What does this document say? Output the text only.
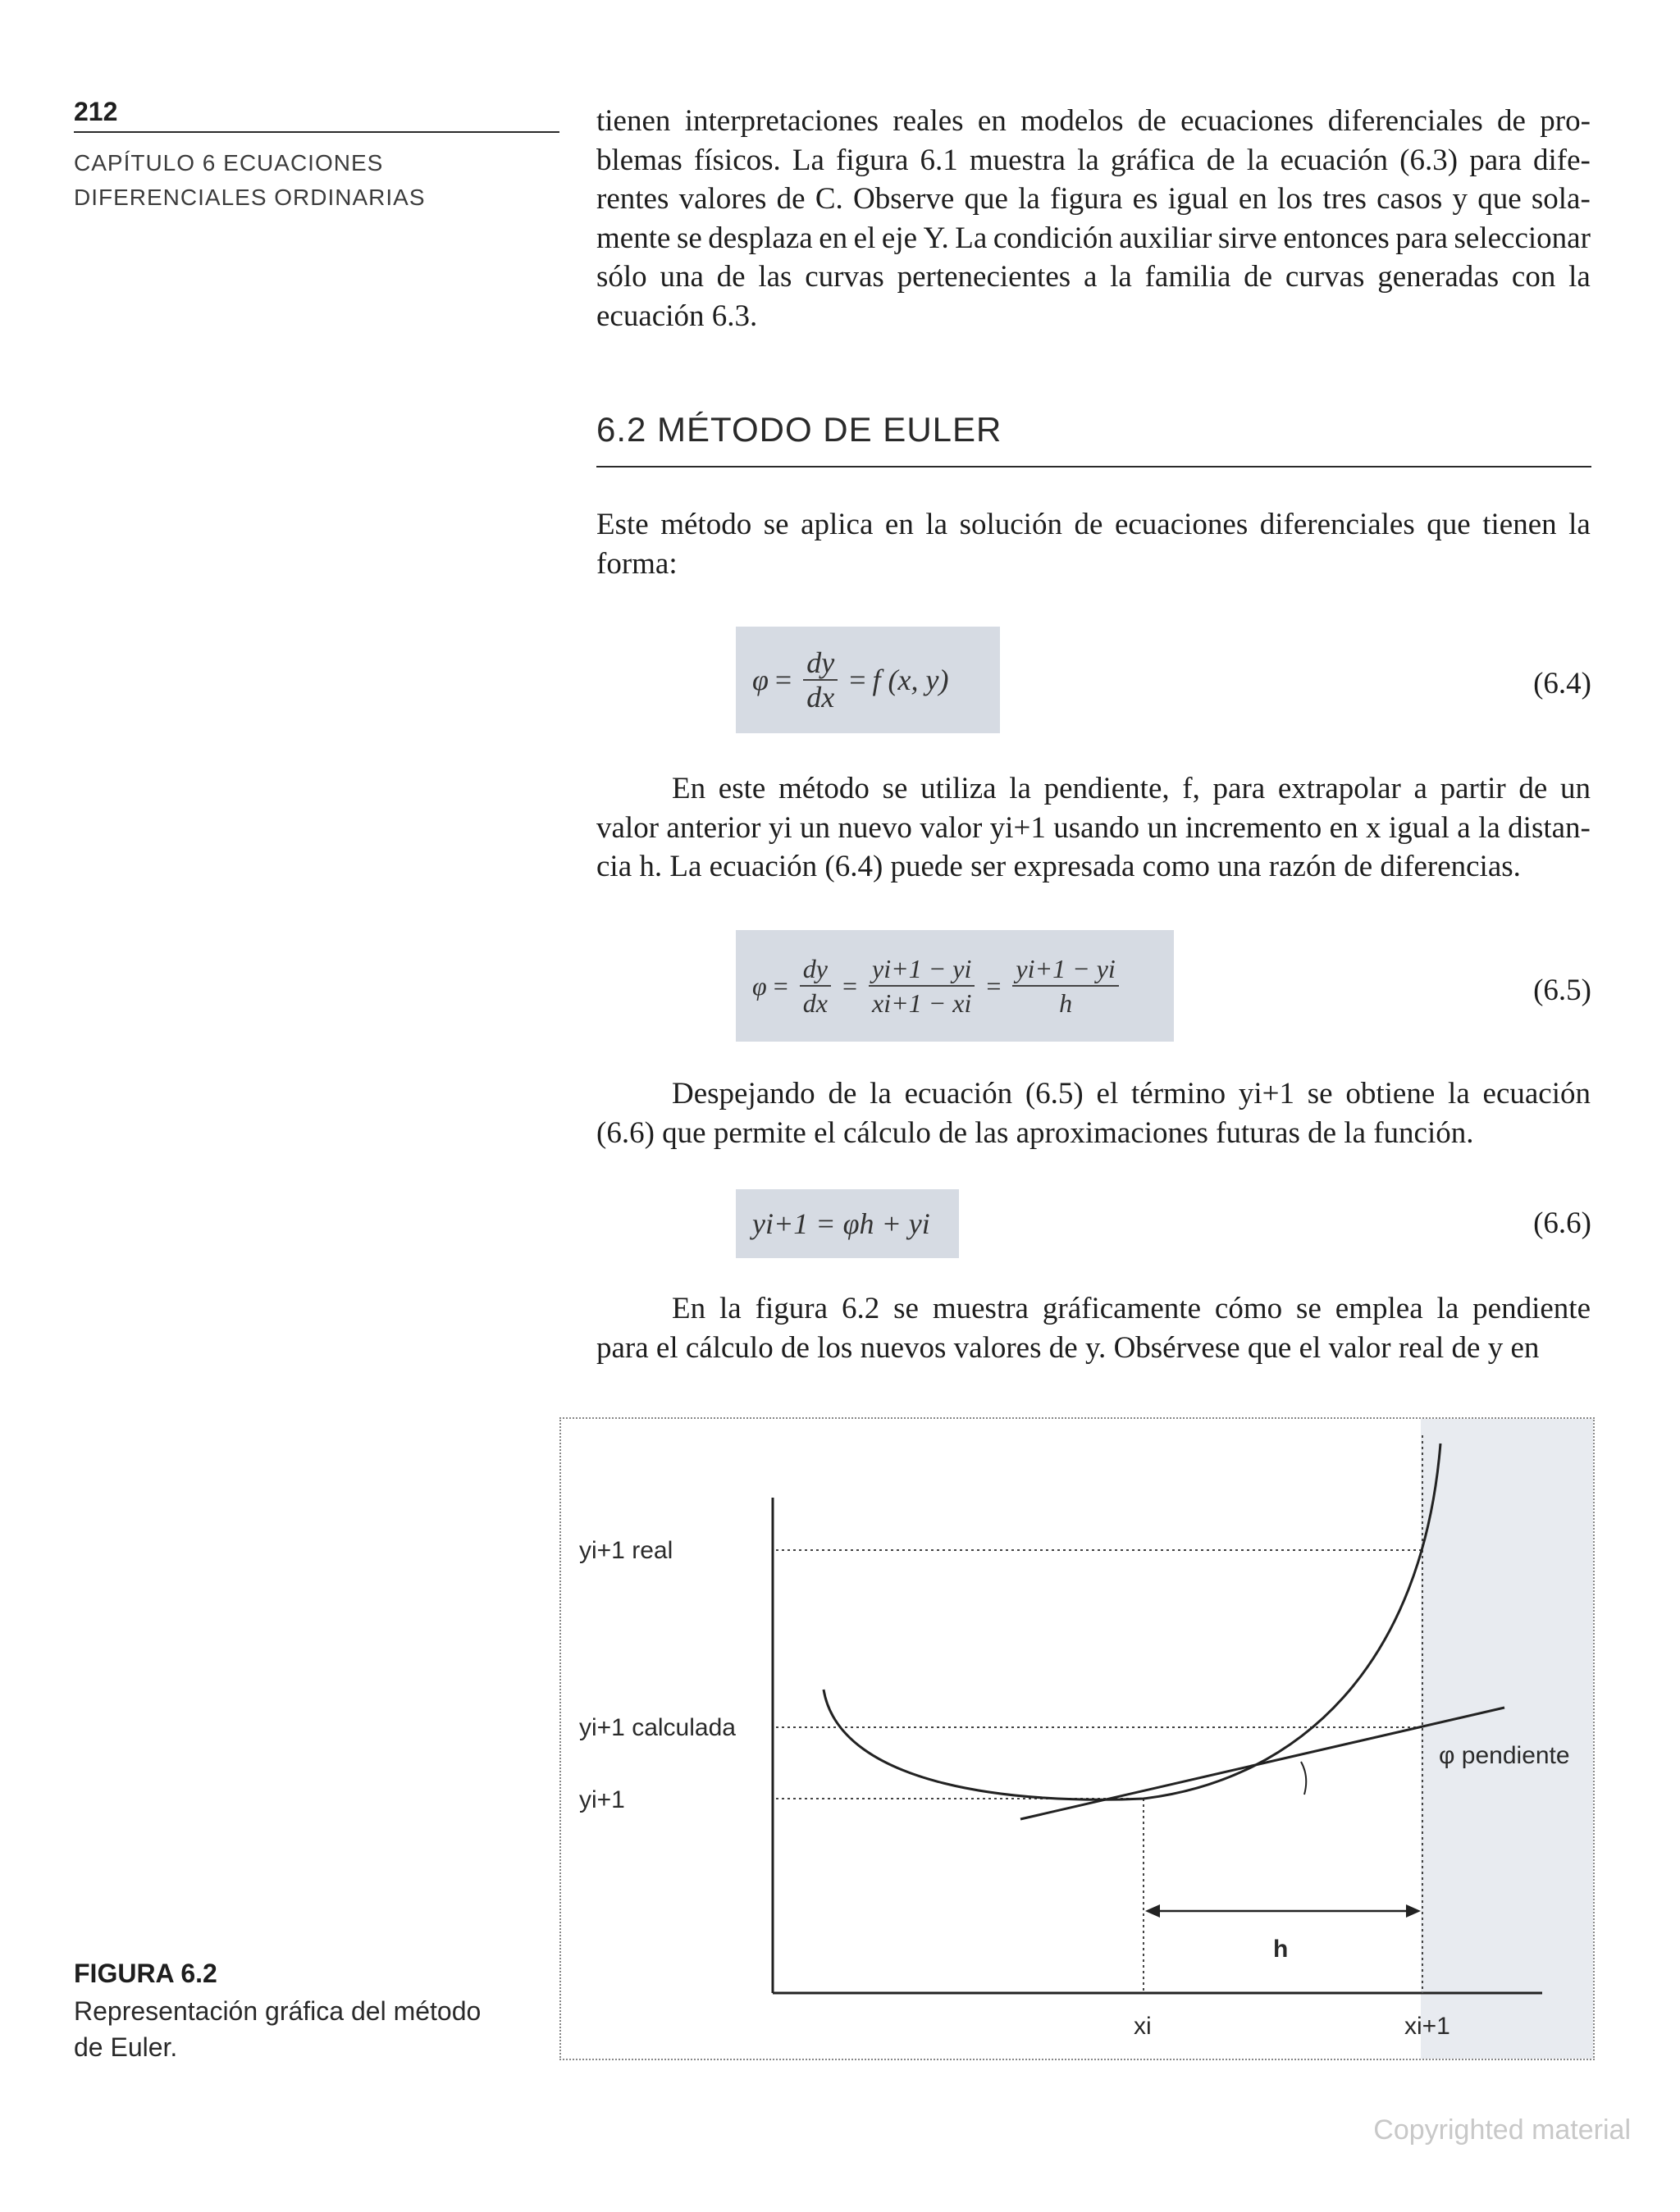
212
CAPÍTULO 6 ECUACIONES
DIFERENCIALES ORDINARIAS
tienen interpretaciones reales en modelos de ecuaciones diferenciales de pro-
blemas físicos. La figura 6.1 muestra la gráfica de la ecuación (6.3) para dife-
rentes valores de C. Observe que la figura es igual en los tres casos y que sola-
mente se desplaza en el eje Y. La condición auxiliar sirve entonces para seleccionar
sólo una de las curvas pertenecientes a la familia de curvas generadas con la
ecuación 6.3.
6.2 MÉTODO DE EULER
Este método se aplica en la solución de ecuaciones diferenciales que tienen la
forma:
$\varphi = \frac{dy}{dx} = f$ (x, y)	(6.4)
En este método se utiliza la pendiente, f, para extrapolar a partir de un
valor anterior yi un nuevo valor yi+1 usando un incremento en x igual a la distan-
cia h. La ecuación (6.4) puede ser expresada como una razón de diferencias.
$\varphi = \frac{dy}{dx} = \frac{yi+1 - yi}{xi+1 - xi} = \frac{yi+1 - yi}{h}$	(6.5)
Despejando de la ecuación (6.5) el término yi+1 se obtiene la ecuación
(6.6) que permite el cálculo de las aproximaciones futuras de la función.
yi+1 = φh + yi	(6.6)
En la figura 6.2 se muestra gráficamente cómo se emplea la pendiente
para el cálculo de los nuevos valores de y. Obsérvese que el valor real de y en
yi+1 real
yi+1 calculada
yi+1
φ pendiente
h
xi	xi+1
FIGURA 6.2
Representación gráfica del método
de Euler.
Copyrighted material
